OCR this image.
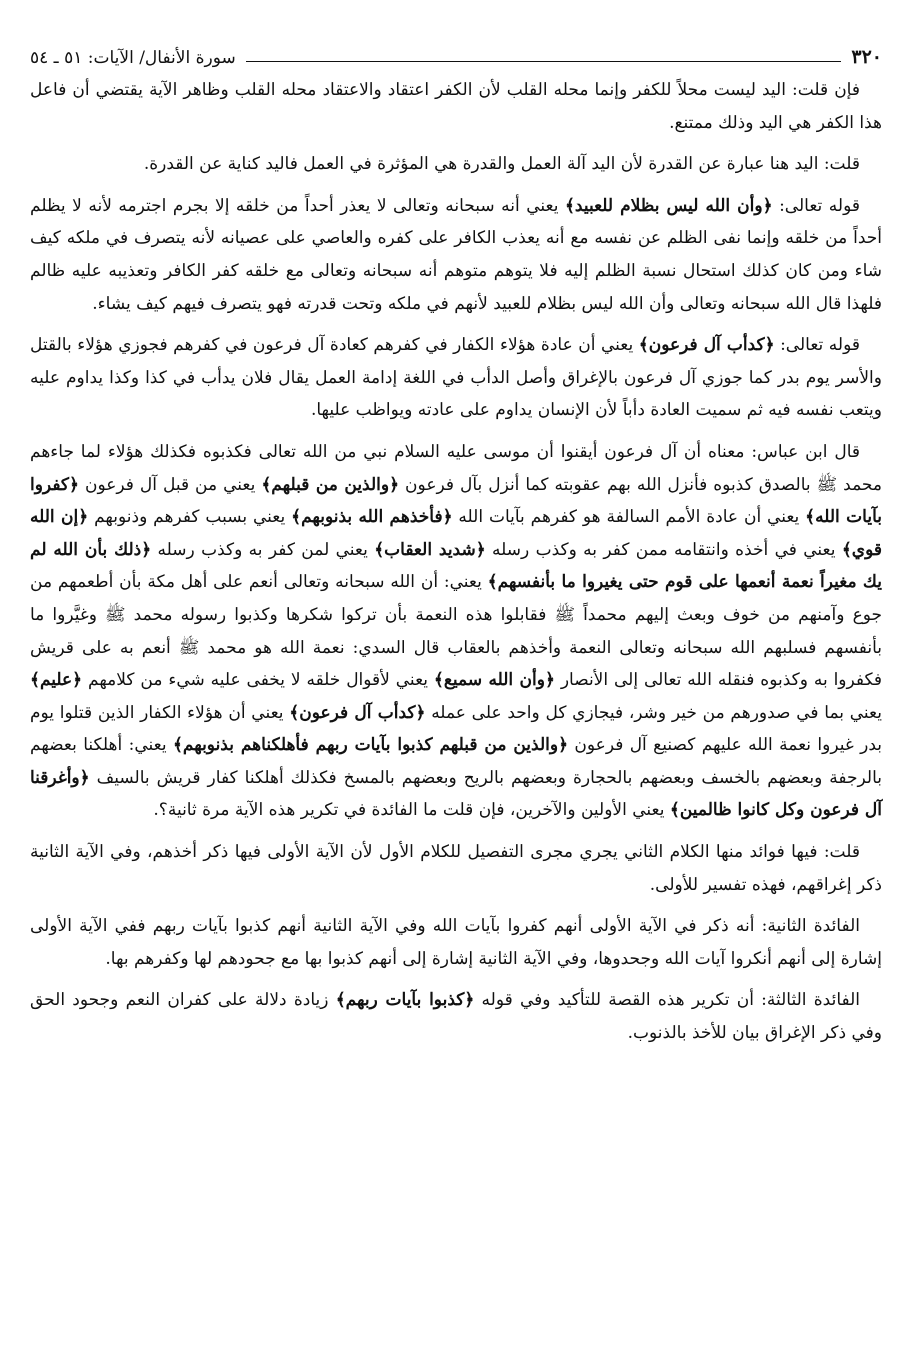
٣٢٠
سورة الأنفال/ الآيات: ٥١ ـ ٥٤

فإن قلت: اليد ليست محلاً للكفر وإنما محله القلب لأن الكفر اعتقاد والاعتقاد محله القلب وظاهر الآية يقتضي أن فاعل هذا الكفر هي اليد وذلك ممتنع.

قلت: اليد هنا عبارة عن القدرة لأن اليد آلة العمل والقدرة هي المؤثرة في العمل فاليد كناية عن القدرة.

قوله تعالى: ﴿وأن الله ليس بظلام للعبيد﴾ يعني أنه سبحانه وتعالى لا يعذر أحداً من خلقه إلا بجرم اجترمه لأنه لا يظلم أحداً من خلقه وإنما نفى الظلم عن نفسه مع أنه يعذب الكافر على كفره والعاصي على عصيانه لأنه يتصرف في ملكه كيف شاء ومن كان كذلك استحال نسبة الظلم إليه فلا يتوهم متوهم أنه سبحانه وتعالى مع خلقه كفر الكافر وتعذيبه عليه ظالم فلهذا قال الله سبحانه وتعالى وأن الله ليس بظلام للعبيد لأنهم في ملكه وتحت قدرته فهو يتصرف فيهم كيف يشاء.

قوله تعالى: ﴿كدأب آل فرعون﴾ يعني أن عادة هؤلاء الكفار في كفرهم كعادة آل فرعون في كفرهم فجوزي هؤلاء بالقتل والأسر يوم بدر كما جوزي آل فرعون بالإغراق وأصل الدأب في اللغة إدامة العمل يقال فلان يدأب في كذا وكذا يداوم عليه ويتعب نفسه فيه ثم سميت العادة دأباً لأن الإنسان يداوم على عادته ويواظب عليها.

قال ابن عباس: معناه أن آل فرعون أيقنوا أن موسى عليه السلام نبي من الله تعالى فكذبوه فكذلك هؤلاء لما جاءهم محمد ﷺ بالصدق كذبوه فأنزل الله بهم عقوبته كما أنزل بآل فرعون ﴿والذين من قبلهم﴾ يعني من قبل آل فرعون ﴿كفروا بآيات الله﴾ يعني أن عادة الأمم السالفة هو كفرهم بآيات الله ﴿فأخذهم الله بذنوبهم﴾ يعني بسبب كفرهم وذنوبهم ﴿إن الله قوي﴾ يعني في أخذه وانتقامه ممن كفر به وكذب رسله ﴿شديد العقاب﴾ يعني لمن كفر به وكذب رسله ﴿ذلك بأن الله لم يك مغيراً نعمة أنعمها على قوم حتى يغيروا ما بأنفسهم﴾ يعني: أن الله سبحانه وتعالى أنعم على أهل مكة بأن أطعمهم من جوع وآمنهم من خوف وبعث إليهم محمداً ﷺ فقابلوا هذه النعمة بأن تركوا شكرها وكذبوا رسوله محمد ﷺ وغيَّروا ما بأنفسهم فسلبهم الله سبحانه وتعالى النعمة وأخذهم بالعقاب قال السدي: نعمة الله هو محمد ﷺ أنعم به على قريش فكفروا به وكذبوه فنقله الله تعالى إلى الأنصار ﴿وأن الله سميع﴾ يعني لأقوال خلقه لا يخفى عليه شيء من كلامهم ﴿عليم﴾ يعني بما في صدورهم من خير وشر، فيجازي كل واحد على عمله ﴿كدأب آل فرعون﴾ يعني أن هؤلاء الكفار الذين قتلوا يوم بدر غيروا نعمة الله عليهم كصنيع آل فرعون ﴿والذين من قبلهم كذبوا بآيات ربهم فأهلكناهم بذنوبهم﴾ يعني: أهلكنا بعضهم بالرجفة وبعضهم بالخسف وبعضهم بالحجارة وبعضهم بالريح وبعضهم بالمسخ فكذلك أهلكنا كفار قريش بالسيف ﴿وأغرقنا آل فرعون وكل كانوا ظالمين﴾ يعني الأولين والآخرين، فإن قلت ما الفائدة في تكرير هذه الآية مرة ثانية؟.

قلت: فيها فوائد منها الكلام الثاني يجري مجرى التفصيل للكلام الأول لأن الآية الأولى فيها ذكر أخذهم، وفي الآية الثانية ذكر إغراقهم، فهذه تفسير للأولى.

الفائدة الثانية: أنه ذكر في الآية الأولى أنهم كفروا بآيات الله وفي الآية الثانية أنهم كذبوا بآيات ربهم ففي الآية الأولى إشارة إلى أنهم أنكروا آيات الله وجحدوها، وفي الآية الثانية إشارة إلى أنهم كذبوا بها مع جحودهم لها وكفرهم بها.

الفائدة الثالثة: أن تكرير هذه القصة للتأكيد وفي قوله ﴿كذبوا بآيات ربهم﴾ زيادة دلالة على كفران النعم وجحود الحق وفي ذكر الإغراق بيان للأخذ بالذنوب.
